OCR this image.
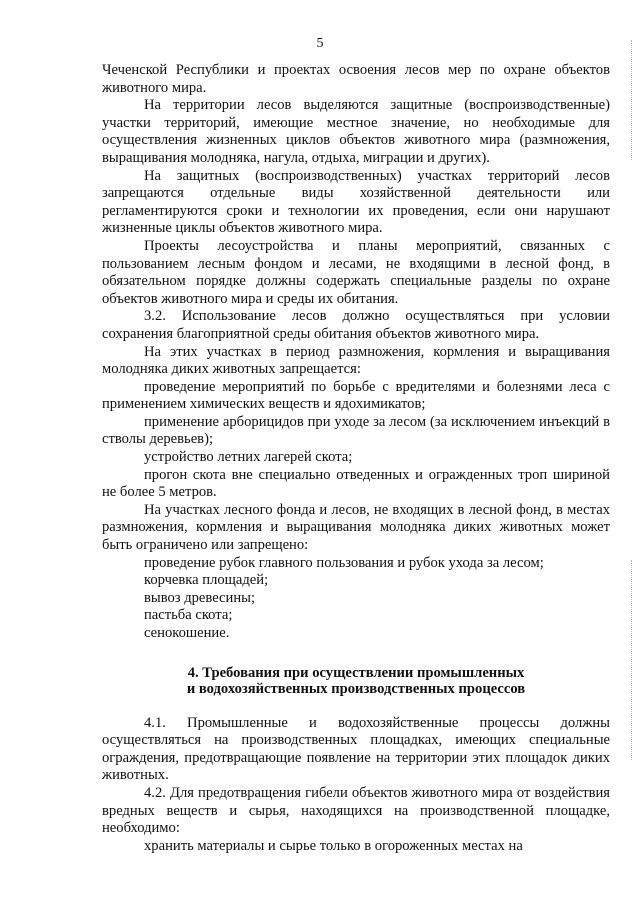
5

Чеченской Республики и проектах освоения лесов мер по охране объектов животного мира.

На территории лесов выделяются защитные (воспроизводственные) участки территорий, имеющие местное значение, но необходимые для осуществления жизненных циклов объектов животного мира (размножения, выращивания молодняка, нагула, отдыха, миграции и других).

На защитных (воспроизводственных) участках территорий лесов запрещаются отдельные виды хозяйственной деятельности или регламентируются сроки и технологии их проведения, если они нарушают жизненные циклы объектов животного мира.

Проекты лесоустройства и планы мероприятий, связанных с пользованием лесным фондом и лесами, не входящими в лесной фонд, в обязательном порядке должны содержать специальные разделы по охране объектов животного мира и среды их обитания.

3.2. Использование лесов должно осуществляться при условии сохранения благоприятной среды обитания объектов животного мира.

На этих участках в период размножения, кормления и выращивания молодняка диких животных запрещается:

проведение мероприятий по борьбе с вредителями и болезнями леса с применением химических веществ и ядохимикатов;

применение арборицидов при уходе за лесом (за исключением инъекций в стволы деревьев);

устройство летних лагерей скота;

прогон скота вне специально отведенных и огражденных троп шириной не более 5 метров.

На участках лесного фонда и лесов, не входящих в лесной фонд, в местах размножения, кормления и выращивания молодняка диких животных может быть ограничено или запрещено:

проведение рубок главного пользования и рубок ухода за лесом;

корчевка площадей;

вывоз древесины;

пастьба скота;

сенокошение.

4. Требования при осуществлении промышленных
и водохозяйственных производственных процессов

4.1. Промышленные и водохозяйственные процессы должны осуществляться на производственных площадках, имеющих специальные ограждения, предотвращающие появление на территории этих площадок диких животных.

4.2. Для предотвращения гибели объектов животного мира от воздействия вредных веществ и сырья, находящихся на производственной площадке, необходимо:

хранить материалы и сырье только в огороженных местах на
